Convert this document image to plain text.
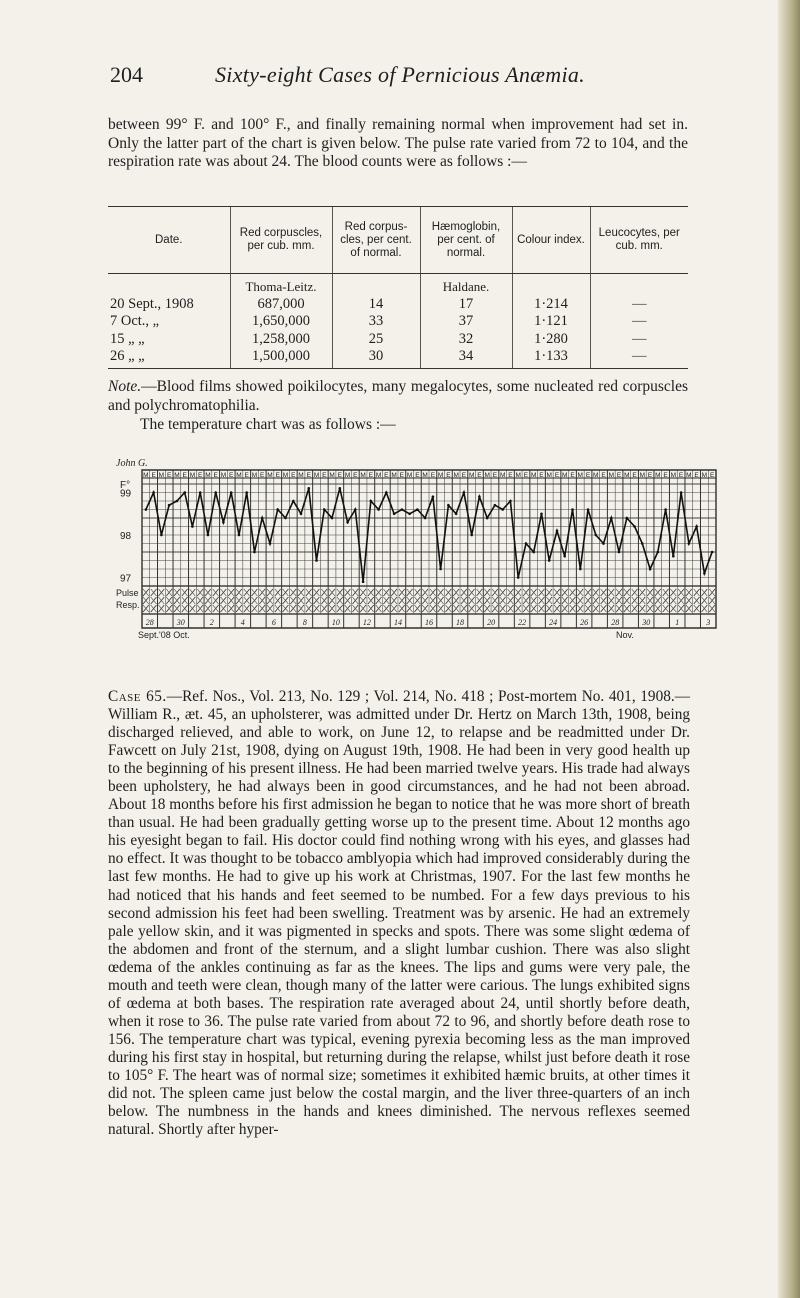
204	Sixty-eight Cases of Pernicious Anæmia.

between 99° F. and 100° F., and finally remaining normal when improvement had set in. Only the latter part of the chart is given below. The pulse rate varied from 72 to 104, and the respiration rate was about 24. The blood counts were as follows :—

Date.	Red corpuscles, per cub. mm.	Red corpus-cles, per cent. of normal.	Hæmoglobin, per cent. of normal.	Colour index.	Leucocytes, per cub. mm.
	Thoma-Leitz.		Haldane.		
20 Sept., 1908	687,000	14	17	1·214	—
7 Oct., „	1,650,000	33	37	1·121	—
15 „ „	1,258,000	25	32	1·280	—
26 „ „	1,500,000	30	34	1·133	—

Note.—Blood films showed poikilocytes, many megalocytes, some nucleated red corpuscles and polychromatophilia.

The temperature chart was as follows :—
M E M E M E M E M E M E M E M E M E M E M E M E M E M E M E M E M E M E M E M E M E M E M E M E M E M E M E M E M E M E M E M E M E M E M E M E M E
John G.
F°
99
98
97
Pulse
Resp.
28	30	2	4	6	8	10	12	14	16	18	20	22	24	26	28	30	1	3
Sept.'08 Oct.	Nov.

Case 65.—Ref. Nos., Vol. 213, No. 129 ; Vol. 214, No. 418 ; Post-mortem No. 401, 1908.—William R., æt. 45, an upholsterer, was admitted under Dr. Hertz on March 13th, 1908, being discharged relieved, and able to work, on June 12, to relapse and be readmitted under Dr. Fawcett on July 21st, 1908, dying on August 19th, 1908. He had been in very good health up to the beginning of his present illness. He had been married twelve years. His trade had always been upholstery, he had always been in good circumstances, and he had not been abroad. About 18 months before his first admission he began to notice that he was more short of breath than usual. He had been gradually getting worse up to the present time. About 12 months ago his eyesight began to fail. His doctor could find nothing wrong with his eyes, and glasses had no effect. It was thought to be tobacco amblyopia which had improved considerably during the last few months. He had to give up his work at Christmas, 1907. For the last few months he had noticed that his hands and feet seemed to be numbed. For a few days previous to his second admission his feet had been swelling. Treatment was by arsenic. He had an extremely pale yellow skin, and it was pigmented in specks and spots. There was some slight œdema of the abdomen and front of the sternum, and a slight lumbar cushion. There was also slight œdema of the ankles continuing as far as the knees. The lips and gums were very pale, the mouth and teeth were clean, though many of the latter were carious. The lungs exhibited signs of œdema at both bases. The respiration rate averaged about 24, until shortly before death, when it rose to 36. The pulse rate varied from about 72 to 96, and shortly before death rose to 156. The temperature chart was typical, evening pyrexia becoming less as the man improved during his first stay in hospital, but returning during the relapse, whilst just before death it rose to 105° F. The heart was of normal size; sometimes it exhibited hæmic bruits, at other times it did not. The spleen came just below the costal margin, and the liver three-quarters of an inch below. The numbness in the hands and knees diminished. The nervous reflexes seemed natural. Shortly after hyper-
